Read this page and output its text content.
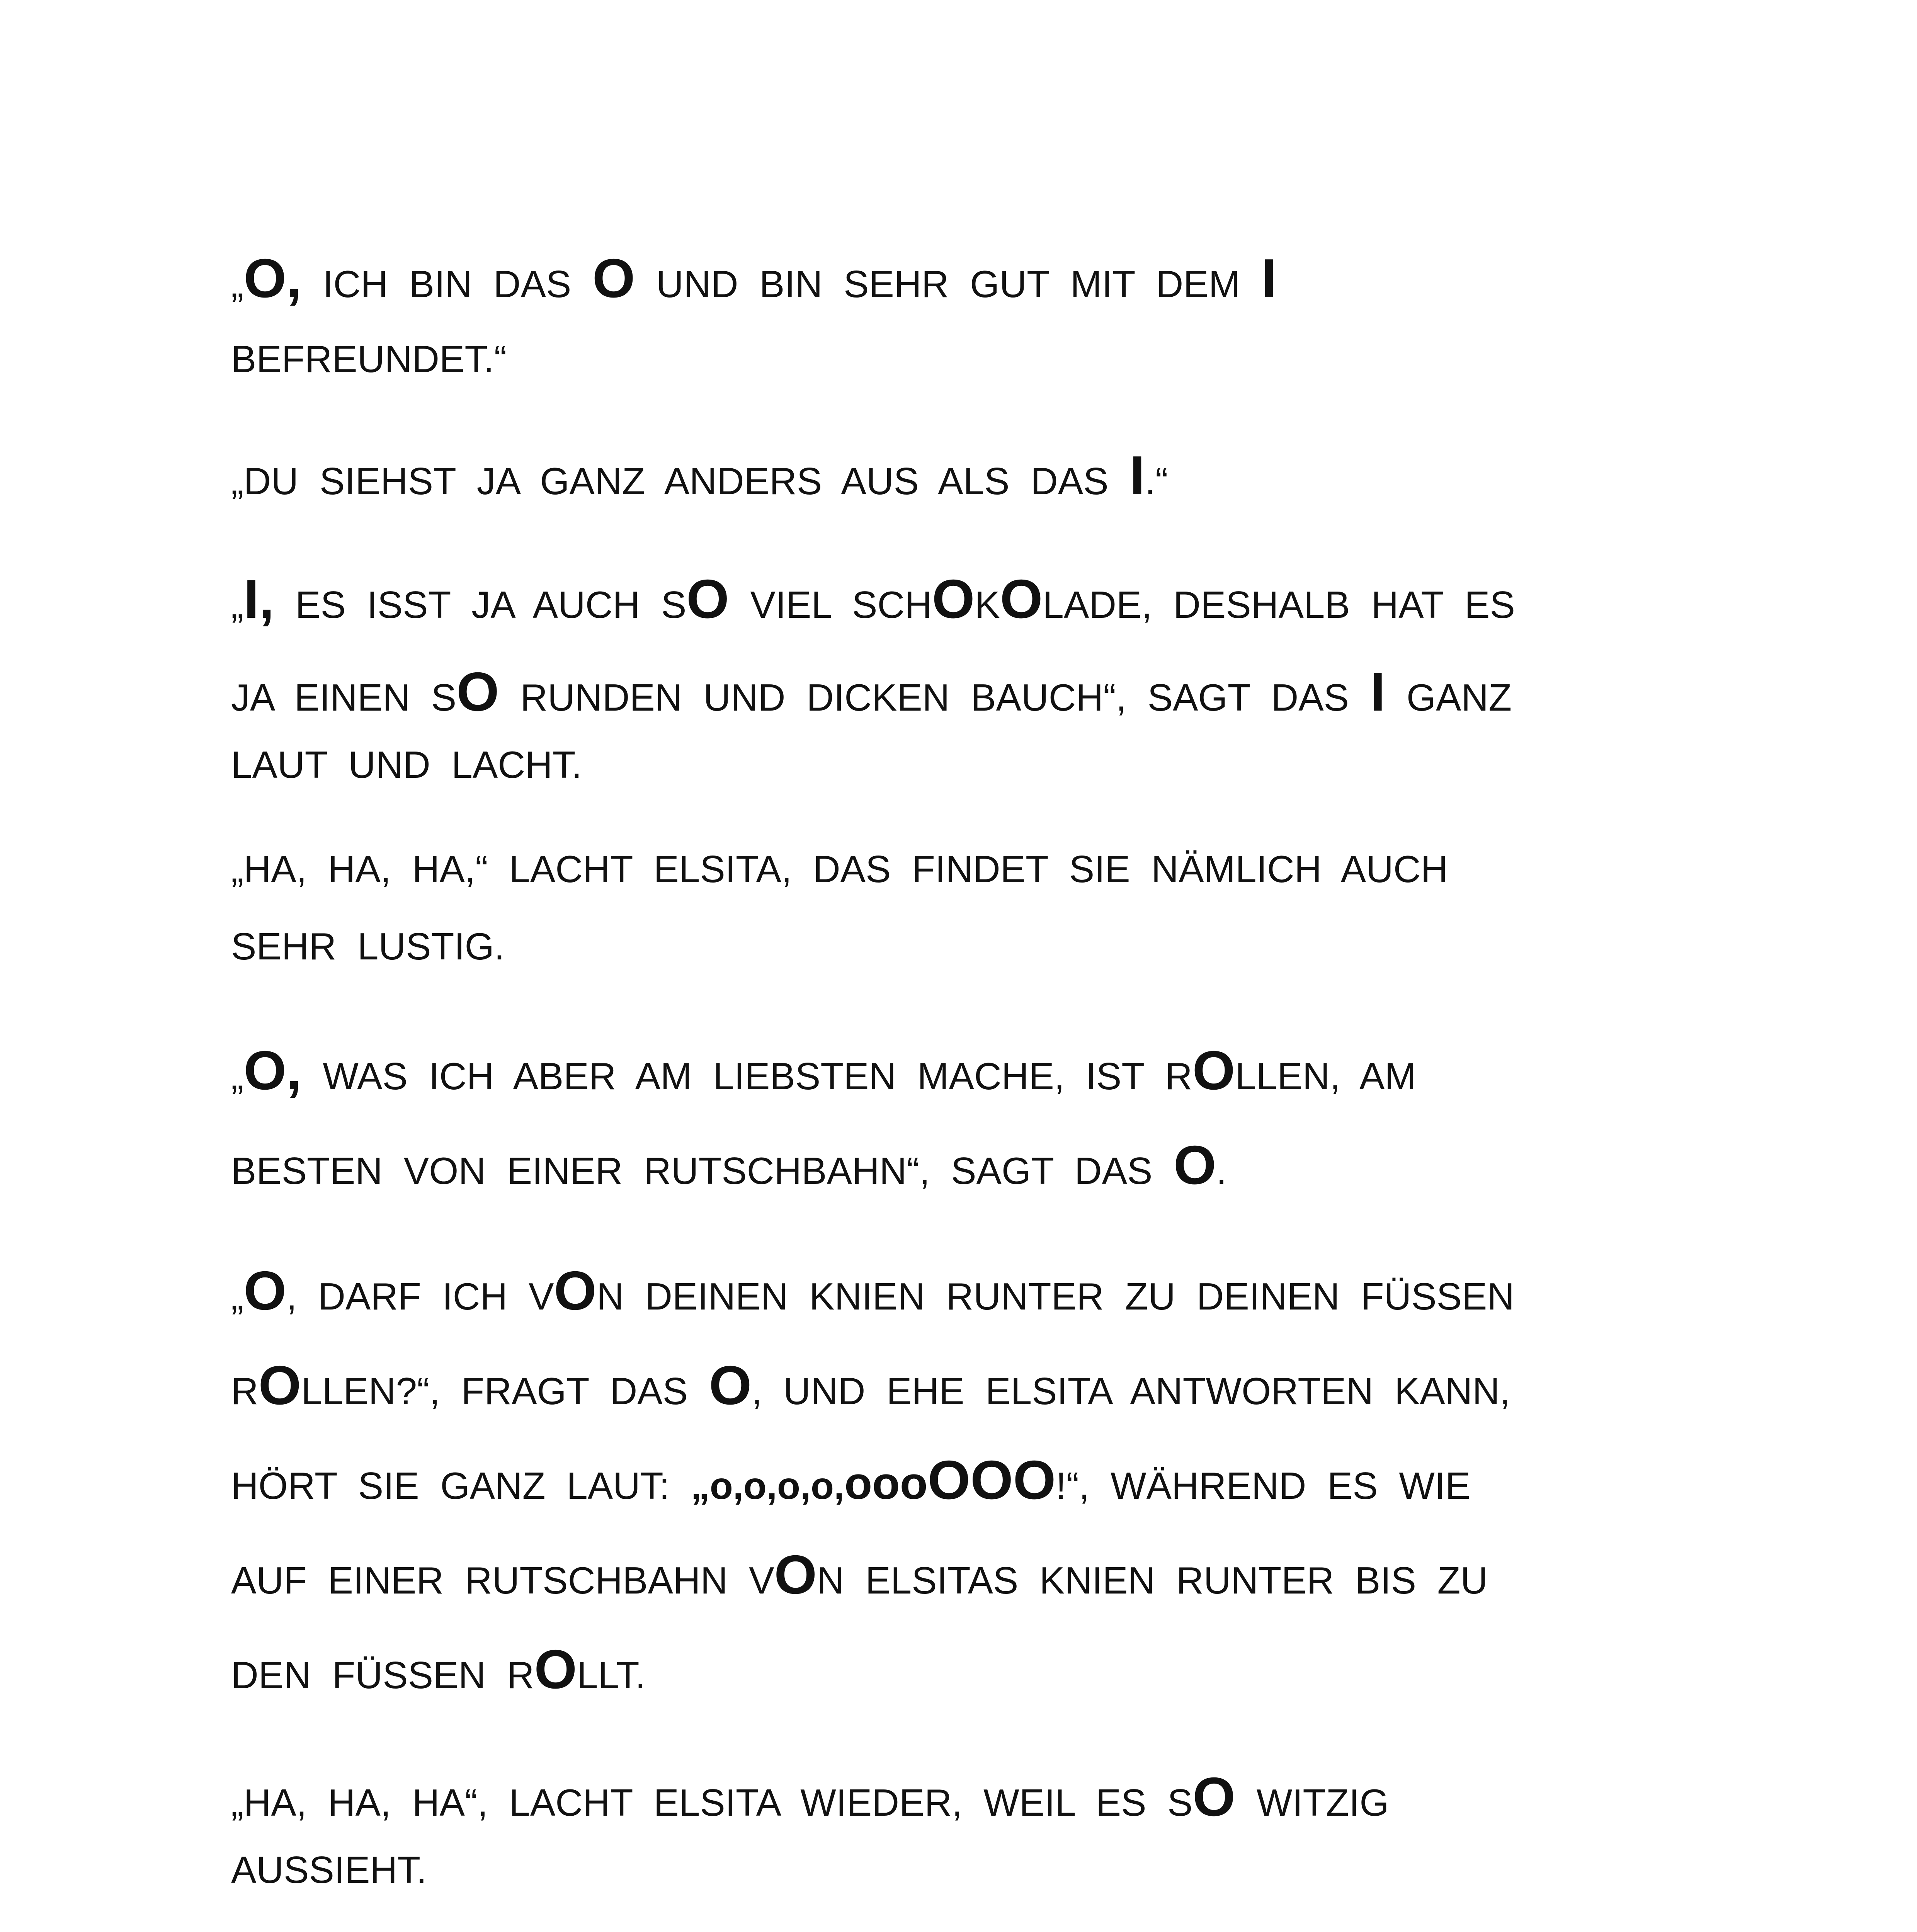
„O, ICH BIN DAS O UND BIN SEHR GUT MIT DEM I
BEFREUNDET.“
„DU SIEHST JA GANZ ANDERS AUS ALS DAS I.“
„I, ES ISST JA AUCH SO VIEL SCHOKOLADE, DESHALB HAT ES
JA EINEN SO RUNDEN UND DICKEN BAUCH“, SAGT DAS I GANZ
LAUT UND LACHT.
„HA, HA, HA,“ LACHT ELSITA, DAS FINDET SIE NÄMLICH AUCH
SEHR LUSTIG.
„O, WAS ICH ABER AM LIEBSTEN MACHE, IST ROLLEN, AM
BESTEN VON EINER RUTSCHBAHN“, SAGT DAS O.
„O, DARF ICH VON DEINEN KNIEN RUNTER ZU DEINEN FÜSSEN
ROLLEN?“, FRAGT DAS O, UND EHE ELSITA ANTWORTEN KANN,
HÖRT SIE GANZ LAUT: „o,o,o,o,oooOOO!“, WÄHREND ES WIE
AUF EINER RUTSCHBAHN VON ELSITAS KNIEN RUNTER BIS ZU
DEN FÜSSEN ROLLT.
„HA, HA, HA“, LACHT ELSITA WIEDER, WEIL ES SO WITZIG
AUSSIEHT.
